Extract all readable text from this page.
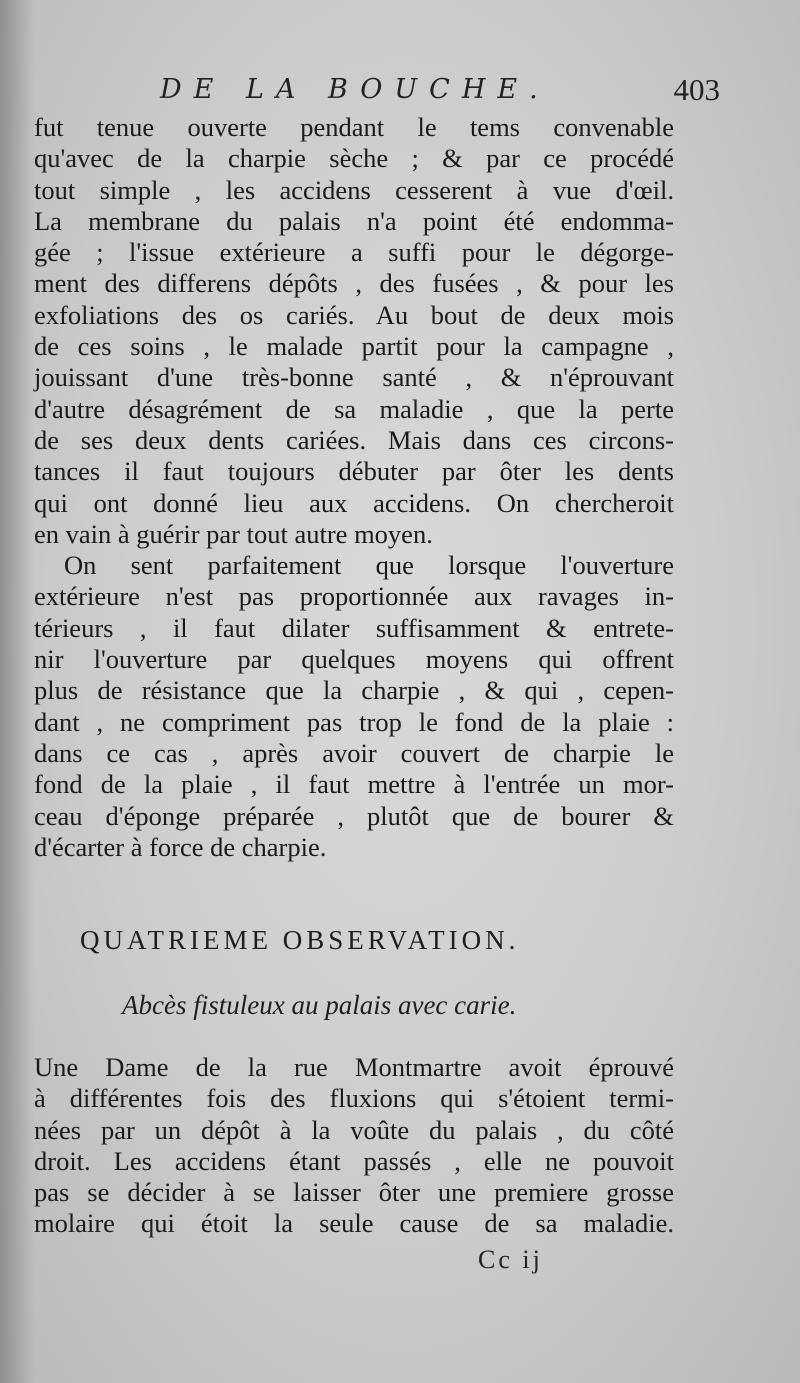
DE LA BOUCHE.	403
fut tenue ouverte pendant le tems convenable
qu'avec de la charpie sèche ; & par ce procédé
tout simple , les accidens cesserent à vue d'œil.
La membrane du palais n'a point été endomma-
gée ; l'issue extérieure a suffi pour le dégorge-
ment des differens dépôts , des fusées , & pour les
exfoliations des os cariés. Au bout de deux mois
de ces soins , le malade partit pour la campagne ,
jouissant d'une très-bonne santé , & n'éprouvant
d'autre désagrément de sa maladie , que la perte
de ses deux dents cariées. Mais dans ces circons-
tances il faut toujours débuter par ôter les dents
qui ont donné lieu aux accidens. On chercheroit
en vain à guérir par tout autre moyen.
On sent parfaitement que lorsque l'ouverture
extérieure n'est pas proportionnée aux ravages in-
térieurs , il faut dilater suffisamment & entrete-
nir l'ouverture par quelques moyens qui offrent
plus de résistance que la charpie , & qui , cepen-
dant , ne compriment pas trop le fond de la plaie :
dans ce cas , après avoir couvert de charpie le
fond de la plaie , il faut mettre à l'entrée un mor-
ceau d'éponge préparée , plutôt que de bourer &
d'écarter à force de charpie.
QUATRIEME OBSERVATION.
Abcès fistuleux au palais avec carie.
Une Dame de la rue Montmartre avoit éprouvé
à différentes fois des fluxions qui s'étoient termi-
nées par un dépôt à la voûte du palais , du côté
droit. Les accidens étant passés , elle ne pouvoit
pas se décider à se laisser ôter une premiere grosse
molaire qui étoit la seule cause de sa maladie.
Cc ij
